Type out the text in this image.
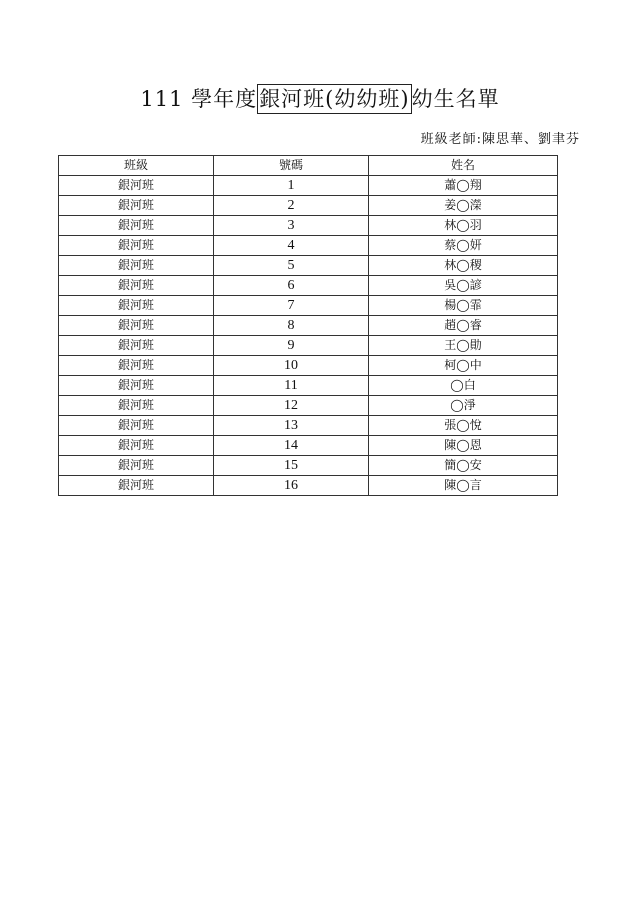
111 學年度銀河班(幼幼班)幼生名單
班級老師:陳思華、劉聿芬
班級	號碼	姓名
銀河班	1	蕭◯翔
銀河班	2	姜◯濚
銀河班	3	林◯羽
銀河班	4	蔡◯妍
銀河班	5	林◯稷
銀河班	6	吳◯諺
銀河班	7	楊◯霏
銀河班	8	趙◯睿
銀河班	9	王◯勛
銀河班	10	柯◯中
銀河班	11	◯白
銀河班	12	◯淨
銀河班	13	張◯悅
銀河班	14	陳◯恩
銀河班	15	簡◯安
銀河班	16	陳◯言
